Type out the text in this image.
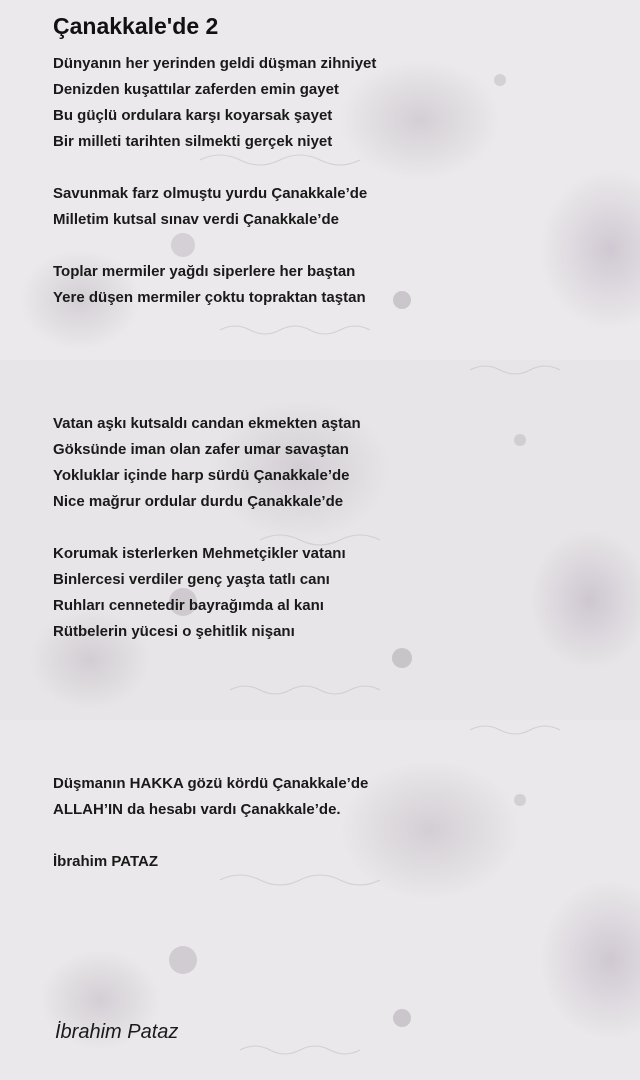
Çanakkale'de 2

Dünyanın her yerinden geldi düşman zihniyet

Denizden kuşattılar zaferden emin gayet

Bu güçlü ordulara karşı koyarsak şayet

Bir milleti tarihten silmekti gerçek niyet

Savunmak farz olmuştu yurdu Çanakkale’de

Milletim kutsal sınav verdi Çanakkale’de

Toplar mermiler yağdı siperlere her baştan

Yere düşen mermiler çoktu topraktan taştan

Vatan aşkı kutsaldı candan ekmekten aştan

Göksünde iman olan zafer umar savaştan

Yokluklar içinde harp sürdü Çanakkale’de

Nice mağrur ordular durdu Çanakkale’de

Korumak isterlerken Mehmetçikler vatanı

Binlercesi verdiler genç yaşta tatlı canı

Ruhları cennetedir bayrağımda al kanı

Rütbelerin yücesi o şehitlik nişanı

Düşmanın HAKKA gözü kördü Çanakkale’de

ALLAH’IN da hesabı vardı Çanakkale’de.

İbrahim PATAZ

İbrahim Pataz
